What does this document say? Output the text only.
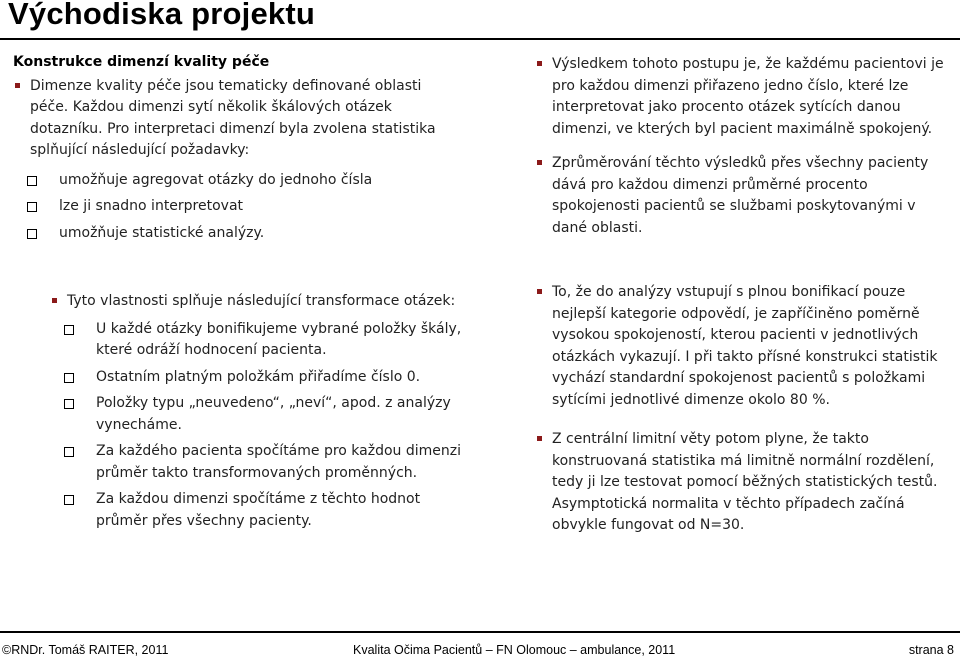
Východiska projektu
Konstrukce dimenzí kvality péče
Dimenze kvality péče jsou tematicky definované oblasti péče. Každou dimenzi sytí několik škálových otázek dotazníku. Pro interpretaci dimenzí byla zvolena statistika splňující následující požadavky:
umožňuje agregovat otázky do jednoho čísla
lze ji snadno interpretovat
umožňuje statistické analýzy.
Výsledkem tohoto postupu je, že každému pacientovi je pro každou dimenzi přiřazeno jedno číslo, které lze interpretovat jako procento otázek sytících danou dimenzi, ve kterých byl pacient maximálně spokojený.
Zprůměrování těchto výsledků přes všechny pacienty dává pro každou dimenzi průměrné procento spokojenosti pacientů se službami poskytovanými v dané oblasti.
Tyto vlastnosti splňuje následující transformace otázek:
U každé otázky bonifikujeme vybrané položky škály, které odráží hodnocení pacienta.
Ostatním platným položkám přiřadíme číslo 0.
Položky typu „neuvedeno“, „neví“, apod. z analýzy vynecháme.
Za každého pacienta spočítáme pro každou dimenzi průměr takto transformovaných proměnných.
Za každou dimenzi spočítáme z těchto hodnot průměr přes všechny pacienty.
To, že do analýzy vstupují s plnou bonifikací pouze nejlepší kategorie odpovědí, je zapříčiněno poměrně vysokou spokojeností, kterou pacienti v jednotlivých otázkách vykazují. I při takto přísné konstrukci statistik vychází standardní spokojenost pacientů s položkami sytícími jednotlivé dimenze okolo 80 %.
Z centrální limitní věty potom plyne, že takto konstruovaná statistika má limitně normální rozdělení, tedy ji lze testovat pomocí běžných statistických testů. Asymptotická normalita v těchto případech začíná obvykle fungovat od N=30.
©RNDr. Tomáš RAITER, 2011	Kvalita Očima Pacientů – FN Olomouc – ambulance, 2011	strana 8
